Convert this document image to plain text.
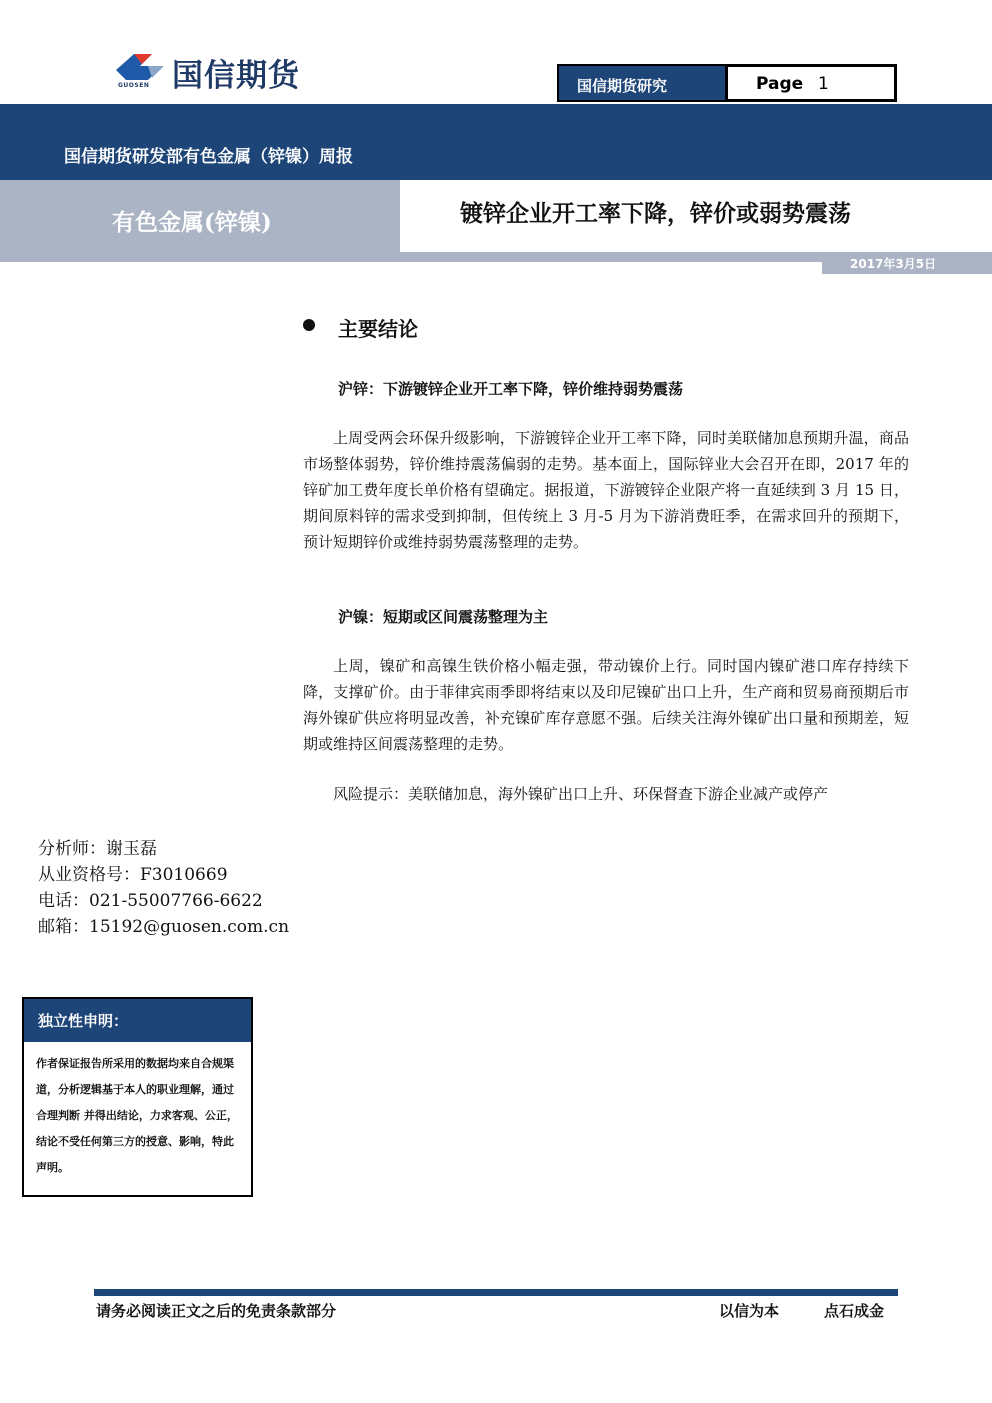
国信期货
GUOSEN	国信期货研究	Page 1
国信期货研发部有色金属（锌镍）周报
有色金属(锌镍)	镀锌企业开工率下降，锌价或弱势震荡
2017年3月5日
主要结论
沪锌：下游镀锌企业开工率下降，锌价维持弱势震荡
上周受两会环保升级影响，下游镀锌企业开工率下降，同时美联储加息预期升温，商品市场整体弱势，锌价维持震荡偏弱的走势。基本面上，国际锌业大会召开在即，2017 年的锌矿加工费年度长单价格有望确定。据报道，下游镀锌企业限产将一直延续到 3 月 15 日，期间原料锌的需求受到抑制，但传统上 3 月-5 月为下游消费旺季，在需求回升的预期下，预计短期锌价或维持弱势震荡整理的走势。
沪镍：短期或区间震荡整理为主
上周，镍矿和高镍生铁价格小幅走强，带动镍价上行。同时国内镍矿港口库存持续下降，支撑矿价。由于菲律宾雨季即将结束以及印尼镍矿出口上升，生产商和贸易商预期后市海外镍矿供应将明显改善，补充镍矿库存意愿不强。后续关注海外镍矿出口量和预期差，短期或维持区间震荡整理的走势。
风险提示：美联储加息，海外镍矿出口上升、环保督查下游企业减产或停产
分析师：谢玉磊
从业资格号：F3010669
电话：021-55007766-6622
邮箱：15192@guosen.com.cn
独立性申明：
作者保证报告所采用的数据均来自合规渠道，分析逻辑基于本人的职业理解，通过合理判断 并得出结论，力求客观、公正，结论不受任何第三方的授意、影响，特此声明。
请务必阅读正文之后的免责条款部分	以信为本	点石成金
